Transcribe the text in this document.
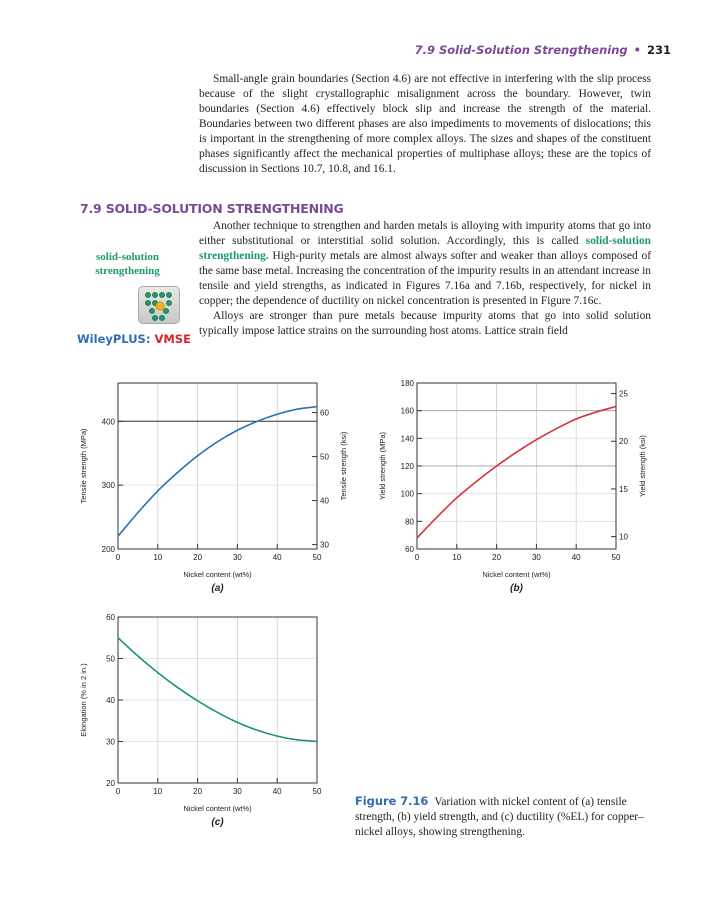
7.9 Solid-Solution Strengthening • 231

Small-angle grain boundaries (Section 4.6) are not effective in interfering with the slip process because of the slight crystallographic misalignment across the boundary. However, twin boundaries (Section 4.6) effectively block slip and increase the strength of the material. Boundaries between two different phases are also impediments to movements of dislocations; this is important in the strengthening of more complex alloys. The sizes and shapes of the constituent phases significantly affect the mechanical properties of multiphase alloys; these are the topics of discussion in Sections 10.7, 10.8, and 16.1.

7.9 SOLID-SOLUTION STRENGTHENING
solid-solution strengthening
WileyPLUS: VMSE

Another technique to strengthen and harden metals is alloying with impurity atoms that go into either substitutional or interstitial solid solution. Accordingly, this is called solid-solution strengthening. High-purity metals are almost always softer and weaker than alloys composed of the same base metal. Increasing the concentration of the impurity results in an attendant increase in tensile and yield strengths, as indicated in Figures 7.16a and 7.16b, respectively, for nickel in copper; the dependence of ductility on nickel concentration is presented in Figure 7.16c.

Alloys are stronger than pure metals because impurity atoms that go into solid solution typically impose lattice strains on the surrounding host atoms. Lattice strain field

0	10	20	30	40	50
200
300
400
30
40
50
60
Tensile strength (ksi)
Tensile strength (MPa)
Nickel content (wt%)
(a)
0	10	20	30	40	50
60
80
100
120
140
160
180
10
15
20
25
Yield strength (ksi)
Yield strength (MPa)
Nickel content (wt%)
(b)
0	10	20	30	40	50
20
30
40
50
60
Elongation (% in 2 in.)
Nickel content (wt%)
(c)
Figure 7.16 Variation with nickel content of (a) tensile strength, (b) yield strength, and (c) ductility (%EL) for copper–nickel alloys, showing strengthening.
